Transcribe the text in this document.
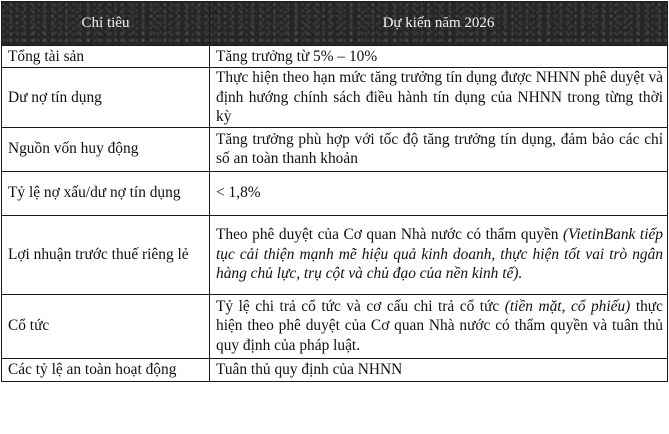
Chỉ tiêu	Dự kiến năm 2026
Tổng tài sản	Tăng trưởng từ 5% – 10%
Dư nợ tín dụng	Thực hiện theo hạn mức tăng trưởng tín dụng được NHNN phê duyệt và định hướng chính sách điều hành tín dụng của NHNN trong từng thời kỳ
Nguồn vốn huy động	Tăng trưởng phù hợp với tốc độ tăng trưởng tín dụng, đảm bảo các chỉ số an toàn thanh khoản
Tỷ lệ nợ xấu/dư nợ tín dụng	< 1,8%
Lợi nhuận trước thuế riêng lẻ	Theo phê duyệt của Cơ quan Nhà nước có thẩm quyền (VietinBank tiếp tục cải thiện mạnh mẽ hiệu quả kinh doanh, thực hiện tốt vai trò ngân hàng chủ lực, trụ cột và chủ đạo của nền kinh tế).
Cổ tức	Tỷ lệ chi trả cổ tức và cơ cấu chi trả cổ tức (tiền mặt, cổ phiếu) thực hiện theo phê duyệt của Cơ quan Nhà nước có thẩm quyền và tuân thủ quy định của pháp luật.
Các tỷ lệ an toàn hoạt động	Tuân thủ quy định của NHNN
